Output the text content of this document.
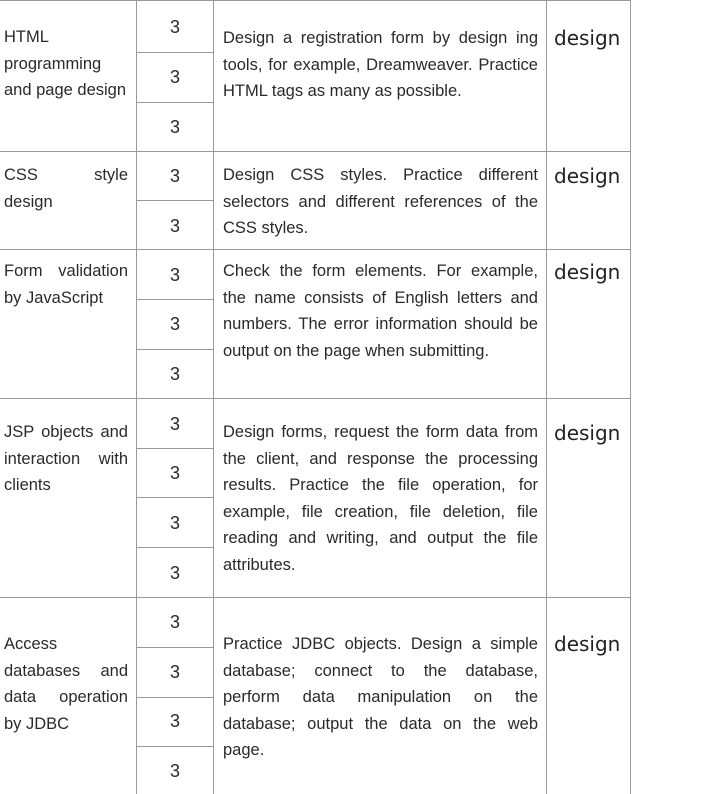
HTML programming and page design

3
3
3

Design a registration form by design ing tools, for example, Dreamweaver. Practice HTML tags as many as possible.

design

CSS style design

3
3

Design CSS styles. Practice different selectors and different references of the CSS styles.

design

Form validation by JavaScript

3
3
3

Check the form elements. For example, the name consists of English letters and numbers. The error information should be output on the page when submitting.

design

JSP objects and interaction with clients

3
3
3
3

Design forms, request the form data from the client, and response the processing results. Practice the file operation, for example, file creation, file deletion, file reading and writing, and output the file attributes.

design

Access databases and data operation by JDBC

3
3
3
3

Practice JDBC objects. Design a simple database; connect to the database, perform data manipulation on the database; output the data on the web page.

design
